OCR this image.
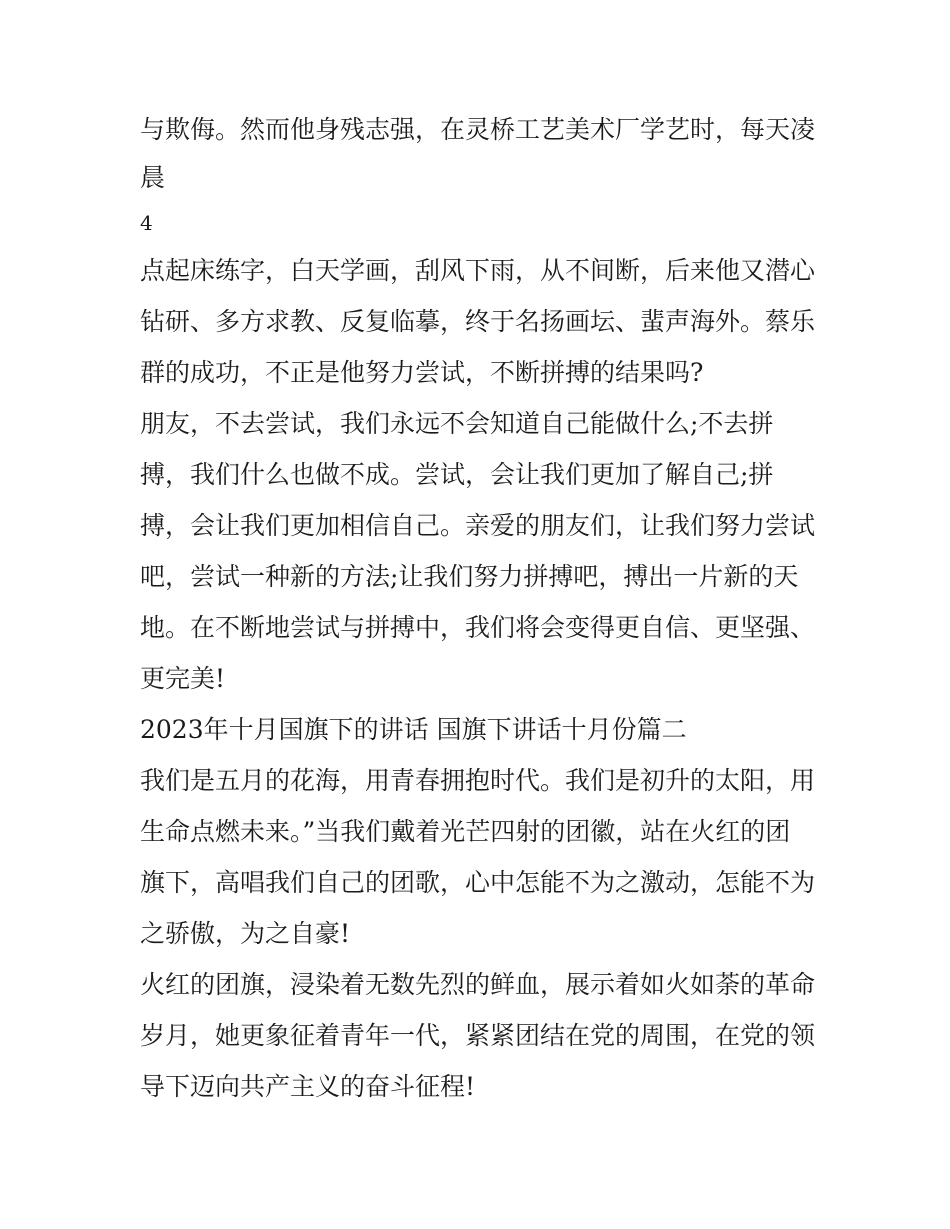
与欺侮。然而他身残志强，在灵桥工艺美术厂学艺时，每天凌
晨
4
点起床练字，白天学画，刮风下雨，从不间断，后来他又潜心
钻研、多方求教、反复临摹，终于名扬画坛、蜚声海外。蔡乐
群的成功，不正是他努力尝试，不断拼搏的结果吗?
朋友，不去尝试，我们永远不会知道自己能做什么;不去拼
搏，我们什么也做不成。尝试，会让我们更加了解自己;拼
搏，会让我们更加相信自己。亲爱的朋友们，让我们努力尝试
吧，尝试一种新的方法;让我们努力拼搏吧，搏出一片新的天
地。在不断地尝试与拼搏中，我们将会变得更自信、更坚强、
更完美!
2023年十月国旗下的讲话 国旗下讲话十月份篇二
我们是五月的花海，用青春拥抱时代。我们是初升的太阳，用
生命点燃未来。”当我们戴着光芒四射的团徽，站在火红的团
旗下，高唱我们自己的团歌，心中怎能不为之激动，怎能不为
之骄傲，为之自豪!
火红的团旗，浸染着无数先烈的鲜血，展示着如火如荼的革命
岁月，她更象征着青年一代，紧紧团结在党的周围，在党的领
导下迈向共产主义的奋斗征程!
